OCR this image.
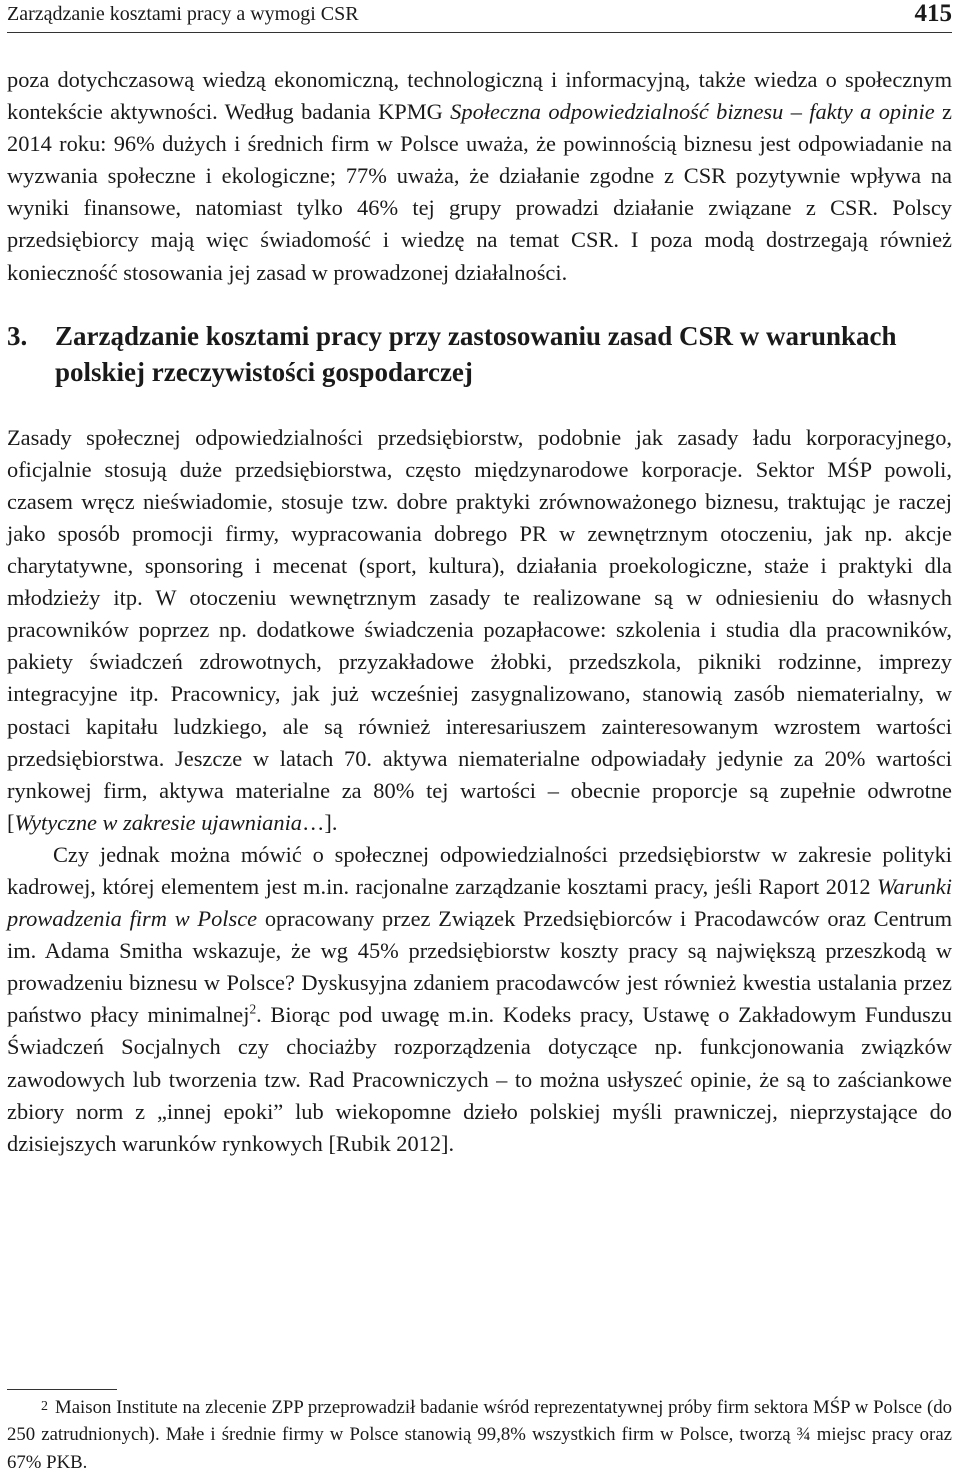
Zarządzanie kosztami pracy a wymogi CSR	415

poza dotychczasową wiedzą ekonomiczną, technologiczną i informacyjną, także wiedza o społecznym kontekście aktywności. Według badania KPMG Społeczna odpowiedzialność biznesu – fakty a opinie z 2014 roku: 96% dużych i średnich firm w Polsce uważa, że powinnością biznesu jest odpowiadanie na wyzwania społeczne i ekologiczne; 77% uważa, że działanie zgodne z CSR pozytywnie wpływa na wyniki finansowe, natomiast tylko 46% tej grupy prowadzi działanie związane z CSR. Polscy przedsiębiorcy mają więc świadomość i wiedzę na temat CSR. I poza modą dostrzegają również konieczność stosowania jej zasad w prowadzonej działalności.

3.	Zarządzanie kosztami pracy przy zastosowaniu zasad CSR w warunkach polskiej rzeczywistości gospodarczej

Zasady społecznej odpowiedzialności przedsiębiorstw, podobnie jak zasady ładu korporacyjnego, oficjalnie stosują duże przedsiębiorstwa, często międzynarodowe korporacje. Sektor MŚP powoli, czasem wręcz nieświadomie, stosuje tzw. dobre praktyki zrównoważonego biznesu, traktując je raczej jako sposób promocji firmy, wypracowania dobrego PR w zewnętrznym otoczeniu, jak np. akcje charytatywne, sponsoring i mecenat (sport, kultura), działania proekologiczne, staże i praktyki dla młodzieży itp. W otoczeniu wewnętrznym zasady te realizowane są w odniesieniu do własnych pracowników poprzez np. dodatkowe świadczenia pozapłacowe: szkolenia i studia dla pracowników, pakiety świadczeń zdrowotnych, przyzakładowe żłobki, przedszkola, pikniki rodzinne, imprezy integracyjne itp. Pracownicy, jak już wcześniej zasygnalizowano, stanowią zasób niematerialny, w postaci kapitału ludzkiego, ale są również interesariuszem zainteresowanym wzrostem wartości przedsiębiorstwa. Jeszcze w latach 70. aktywa niematerialne odpowiadały jedynie za 20% wartości rynkowej firm, aktywa materialne za 80% tej wartości – obecnie proporcje są zupełnie odwrotne [Wytyczne w zakresie ujawniania…].

Czy jednak można mówić o społecznej odpowiedzialności przedsiębiorstw w zakresie polityki kadrowej, której elementem jest m.in. racjonalne zarządzanie kosztami pracy, jeśli Raport 2012 Warunki prowadzenia firm w Polsce opracowany przez Związek Przedsiębiorców i Pracodawców oraz Centrum im. Adama Smitha wskazuje, że wg 45% przedsiębiorstw koszty pracy są największą przeszkodą w prowadzeniu biznesu w Polsce? Dyskusyjna zdaniem pracodawców jest również kwestia ustalania przez państwo płacy minimalnej$^2$. Biorąc pod uwagę m.in. Kodeks pracy, Ustawę o Zakładowym Funduszu Świadczeń Socjalnych czy chociażby rozporządzenia dotyczące np. funkcjonowania związków zawodowych lub tworzenia tzw. Rad Pracowniczych – to można usłyszeć opinie, że są to zaściankowe zbiory norm z „innej epoki” lub wiekopomne dzieło polskiej myśli prawniczej, nieprzystające do dzisiejszych warunków rynkowych [Rubik 2012].

2 Maison Institute na zlecenie ZPP przeprowadził badanie wśród reprezentatywnej próby firm sektora MŚP w Polsce (do 250 zatrudnionych). Małe i średnie firmy w Polsce stanowią 99,8% wszystkich firm w Polsce, tworzą ¾ miejsc pracy oraz 67% PKB.
